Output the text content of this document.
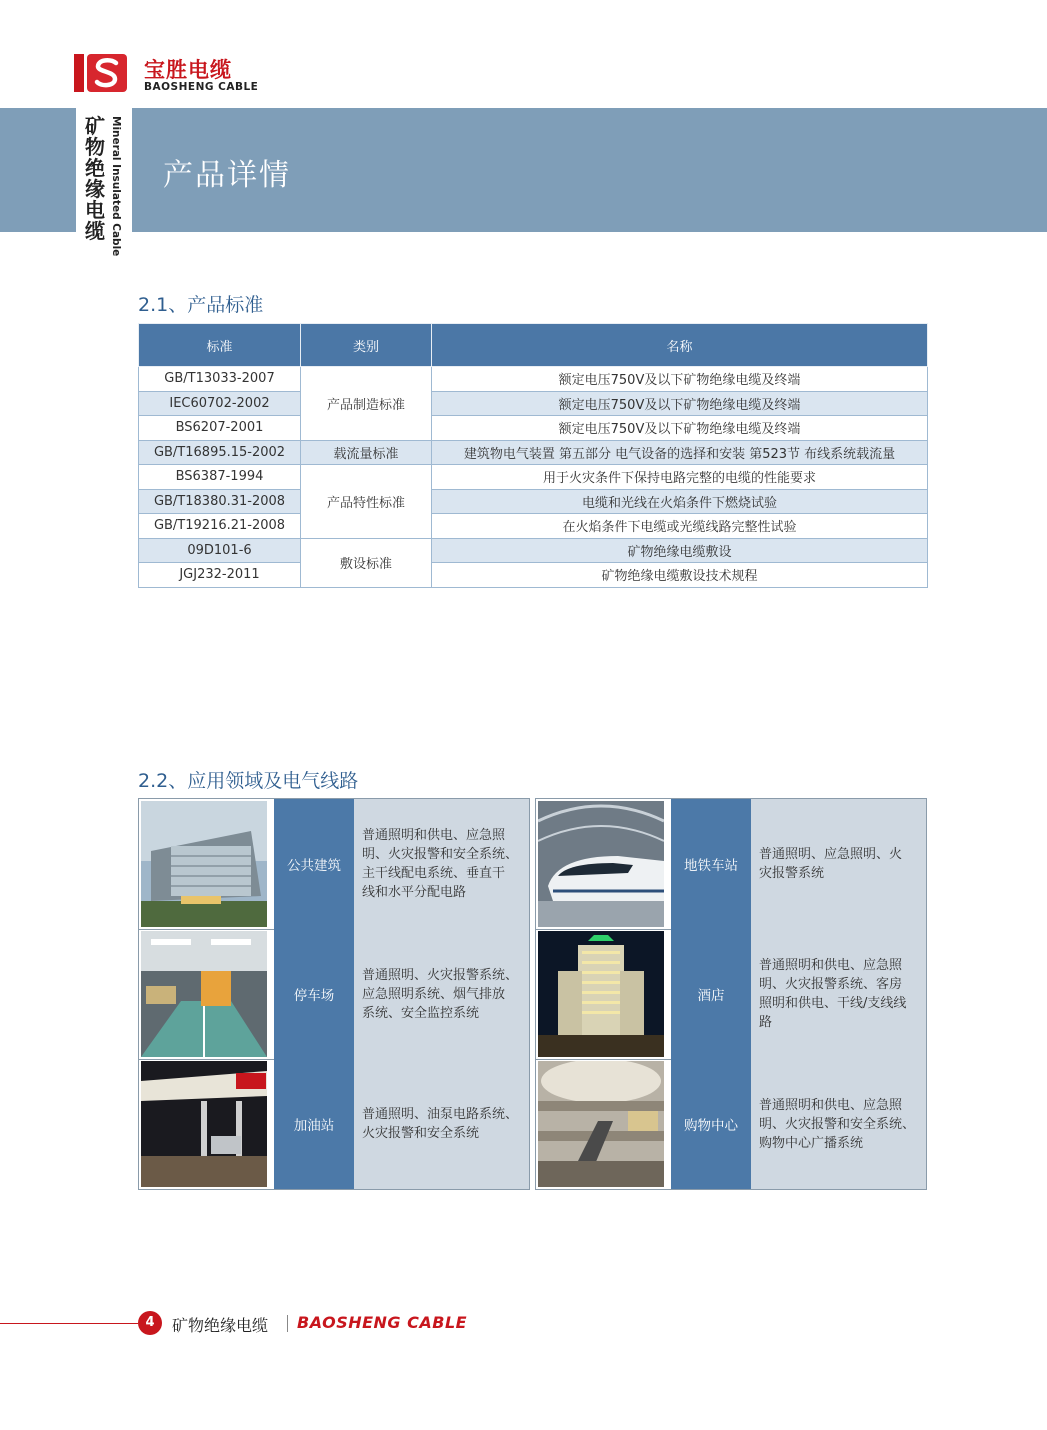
宝胜电缆
BAOSHENG CABLE
矿物绝缘电缆 Mineral Insulated Cable 产品详情
2.1、产品标准
标准	类别	名称
GB/T13033-2007	产品制造标准	额定电压750V及以下矿物绝缘电缆及终端
IEC60702-2002		额定电压750V及以下矿物绝缘电缆及终端
BS6207-2001		额定电压750V及以下矿物绝缘电缆及终端
GB/T16895.15-2002	载流量标准	建筑物电气装置 第五部分 电气设备的选择和安装 第523节 布线系统载流量
BS6387-1994	产品特性标准	用于火灾条件下保持电路完整的电缆的性能要求
GB/T18380.31-2008		电缆和光线在火焰条件下燃烧试验
GB/T19216.21-2008		在火焰条件下电缆或光缆线路完整性试验
09D101-6	敷设标准	矿物绝缘电缆敷设
JGJ232-2011		矿物绝缘电缆敷设技术规程
2.2、应用领域及电气线路
公共建筑
普通照明和供电、应急照
明、火灾报警和安全系统、
主干线配电系统、垂直干
线和水平分配电路
停车场
普通照明、火灾报警系统、
应急照明系统、烟气排放
系统、安全监控系统
加油站
普通照明、油泵电路系统、
火灾报警和安全系统
地铁车站
普通照明、应急照明、火
灾报警系统
酒店
普通照明和供电、应急照
明、火灾报警系统、客房
照明和供电、干线/支线线
路
购物中心
普通照明和供电、应急照
明、火灾报警和安全系统、
购物中心广播系统
4	矿物绝缘电缆 BAOSHENG CABLE
